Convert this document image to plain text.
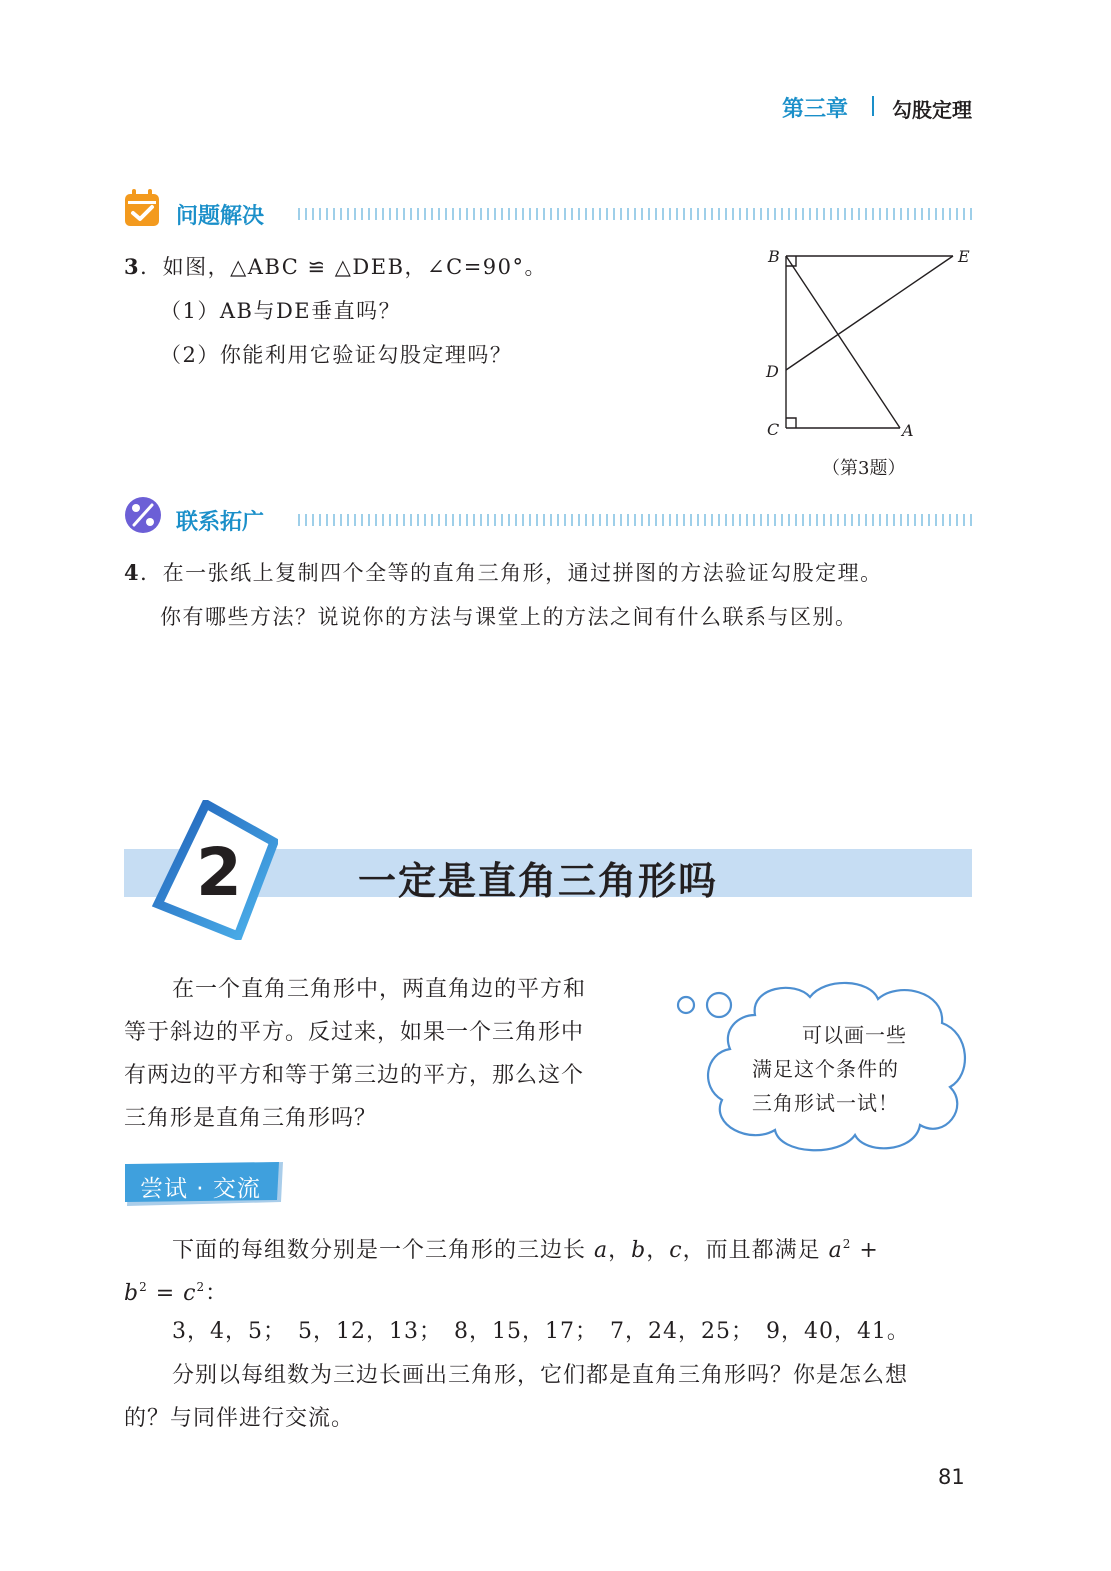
第三章 勾股定理
问题解决
3．如图，△ABC ≌ △DEB，∠C=90°。
（1）AB与DE垂直吗？
（2）你能利用它验证勾股定理吗？
B	E
D
C	A
（第3题）
联系拓广
4．在一张纸上复制四个全等的直角三角形，通过拼图的方法验证勾股定理。
你有哪些方法？说说你的方法与课堂上的方法之间有什么联系与区别。
2	一定是直角三角形吗
在一个直角三角形中，两直角边的平方和
等于斜边的平方。反过来，如果一个三角形中
有两边的平方和等于第三边的平方，那么这个
三角形是直角三角形吗？
可以画一些
满足这个条件的
三角形试一试！
尝试 · 交流
下面的每组数分别是一个三角形的三边长 a，b，c，而且都满足 $a^2$ +
$b^2 = c^2$：
3，4，5；　5，12，13；　8，15，17；　7，24，25；　9，40，41。
分别以每组数为三边长画出三角形，它们都是直角三角形吗？你是怎么想
的？与同伴进行交流。
81
